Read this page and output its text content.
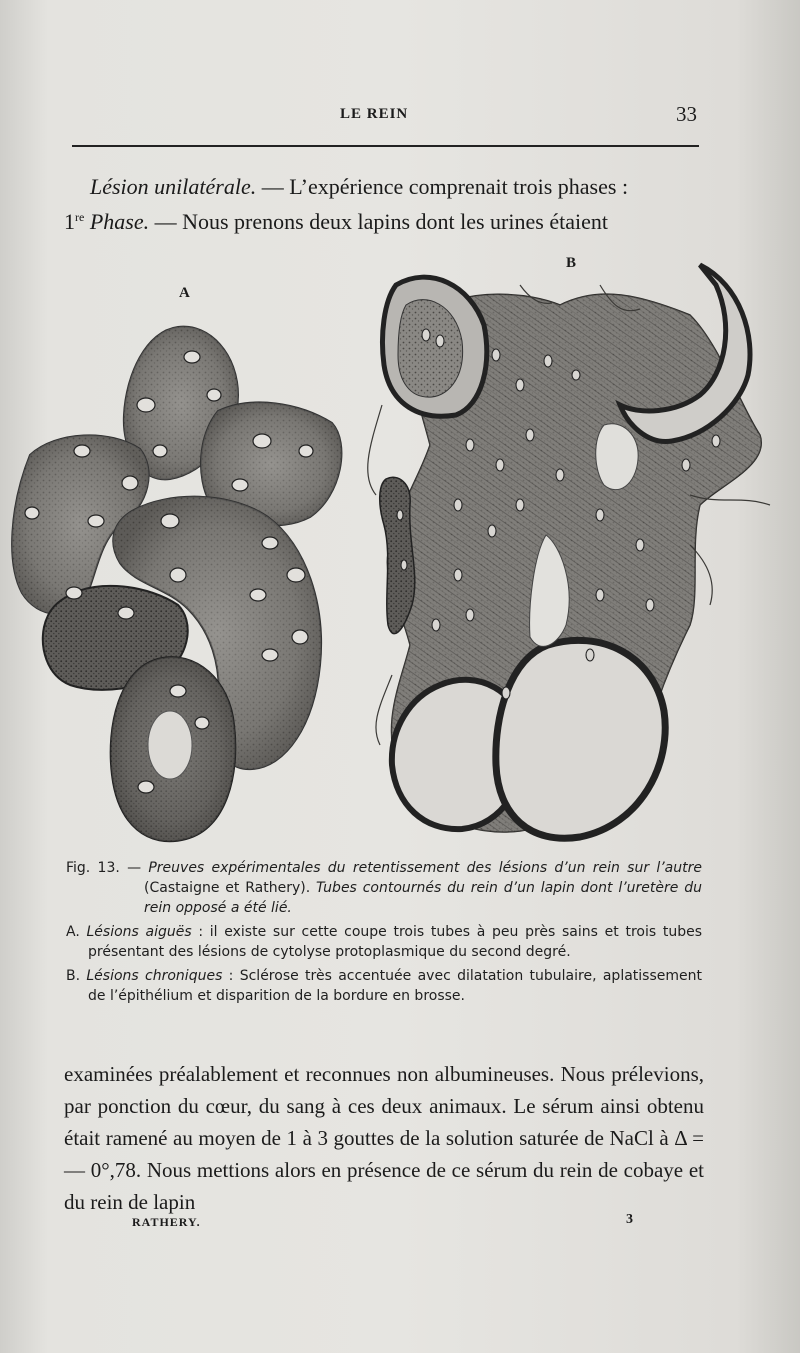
LE REIN	33

Lésion unilatérale. — L’expérience comprenait trois phases :

1re Phase. — Nous prenons deux lapins dont les urines étaient

A
B

Fig. 13. — Preuves expérimentales du retentissement des lésions d’un rein sur l’autre (Castaigne et Rathery). Tubes contournés du rein d’un lapin dont l’uretère du rein opposé a été lié.

A. Lésions aiguës : il existe sur cette coupe trois tubes à peu près sains et trois tubes présentant des lésions de cytolyse protoplasmique du second degré.

B. Lésions chroniques : Sclérose très accentuée avec dilatation tubulaire, aplatissement de l’épithélium et disparition de la bordure en brosse.

examinées préalablement et reconnues non albumineuses. Nous prélevions, par ponction du cœur, du sang à ces deux animaux. Le sérum ainsi obtenu était ramené au moyen de 1 à 3 gouttes de la solution saturée de NaCl à Δ = — 0°,78. Nous mettions alors en présence de ce sérum du rein de cobaye et du rein de lapin

RATHERY.	3
